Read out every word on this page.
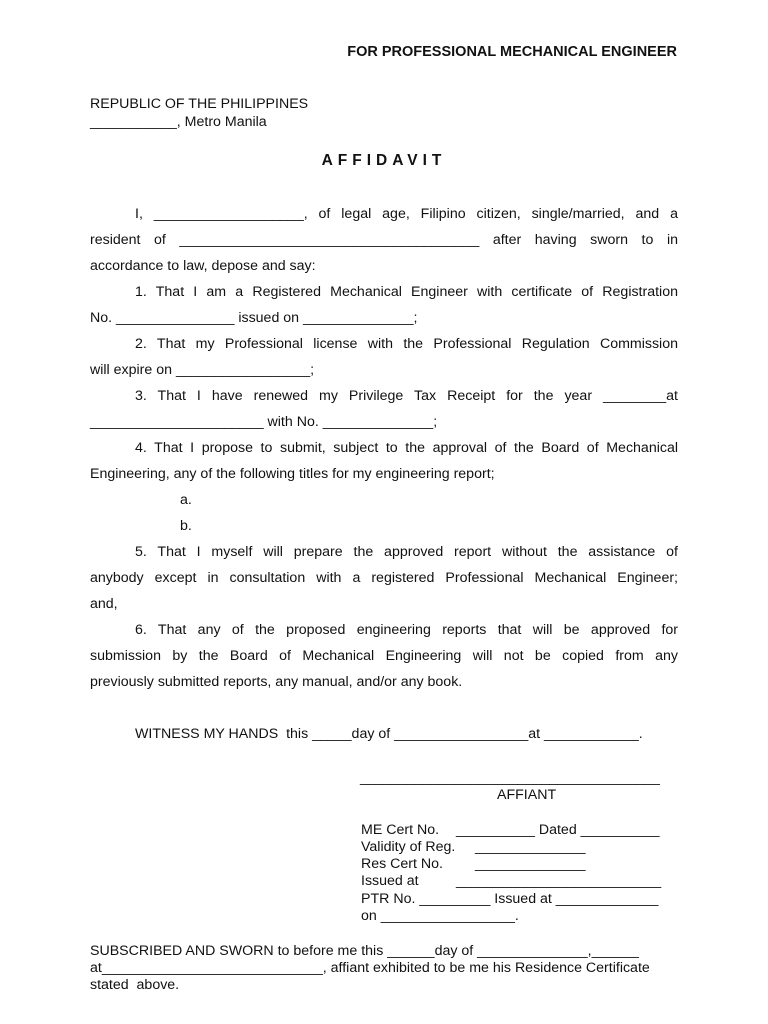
FOR PROFESSIONAL MECHANICAL ENGINEER
REPUBLIC OF THE PHILIPPINES
___________, Metro Manila
AFFIDAVIT
I, ___________________, of legal age, Filipino citizen, single/married, and a
resident of ______________________________________ after having sworn to in
accordance to law, depose and say:
1. That I am a Registered Mechanical Engineer with certificate of Registration
No. _______________ issued on ______________;
2. That my Professional license with the Professional Regulation Commission
will expire on _________________;
3. That I have renewed my Privilege Tax Receipt for the year ________at
______________________ with No. ______________;
4. That I propose to submit, subject to the approval of the Board of Mechanical
Engineering, any of the following titles for my engineering report;
a.
b.
5. That I myself will prepare the approved report without the assistance of
anybody except in consultation with a registered Professional Mechanical Engineer;
and,
6. That any of the proposed engineering reports that will be approved for
submission by the Board of Mechanical Engineering will not be copied from any
previously submitted reports, any manual, and/or any book.
WITNESS MY HANDS  this _____day of _________________at ____________.
______________________________________
AFFIANT
ME Cert No. __________ Dated __________
Validity of Reg. ______________
Res Cert No. ______________
Issued at	__________________________
PTR No. _________ Issued at _____________
on _________________.
SUBSCRIBED AND SWORN to before me this ______day of ______________,______
at____________________________, affiant exhibited to be me his Residence Certificate
stated  above.
